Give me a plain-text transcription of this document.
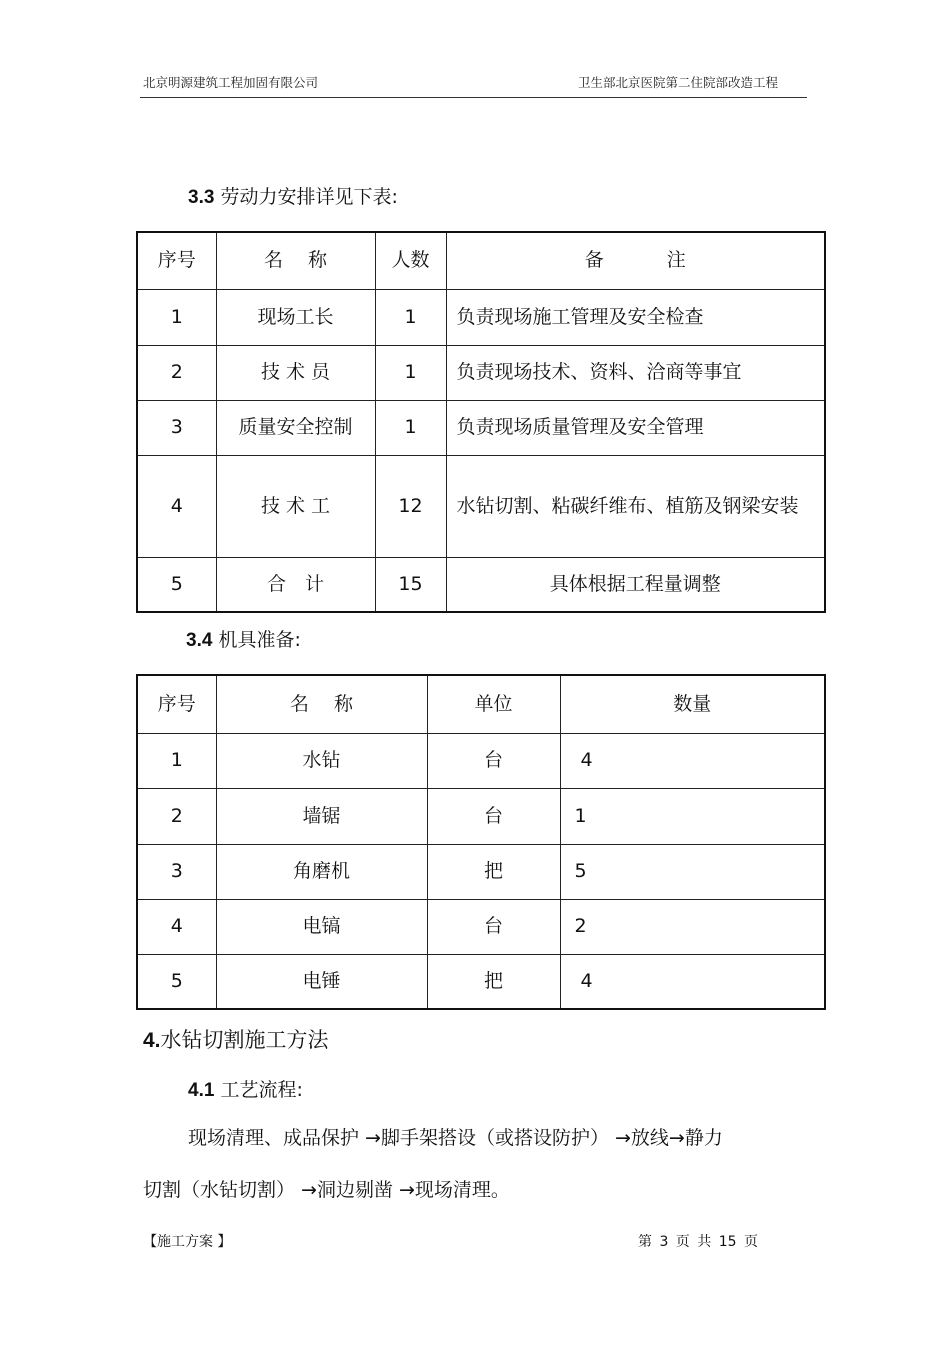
北京明源建筑工程加固有限公司	卫生部北京医院第二住院部改造工程
3.3 劳动力安排详见下表:
序号	名　 称	人数	备　　　 注
1	现场工长	1	负责现场施工管理及安全检查
2	技 术 员	1	负责现场技术、资料、洽商等事宜
3	质量安全控制	1	负责现场质量管理及安全管理
4	技 术 工	12	水钻切割、粘碳纤维布、植筋及钢梁安装
5	合　计	15	具体根据工程量调整
3.4 机具准备:
序号	名　 称	单位	数量
1	水钻	台	4
2	墙锯	台	1
3	角磨机	把	5
4	电镐	台	2
5	电锤	把	4
4.水钻切割施工方法
4.1 工艺流程:
现场清理、成品保护 →脚手架搭设（或搭设防护） →放线→静力
切割（水钻切割） →洞边剔凿 →现场清理。
【施工方案 】	第 3 页 共 15 页
